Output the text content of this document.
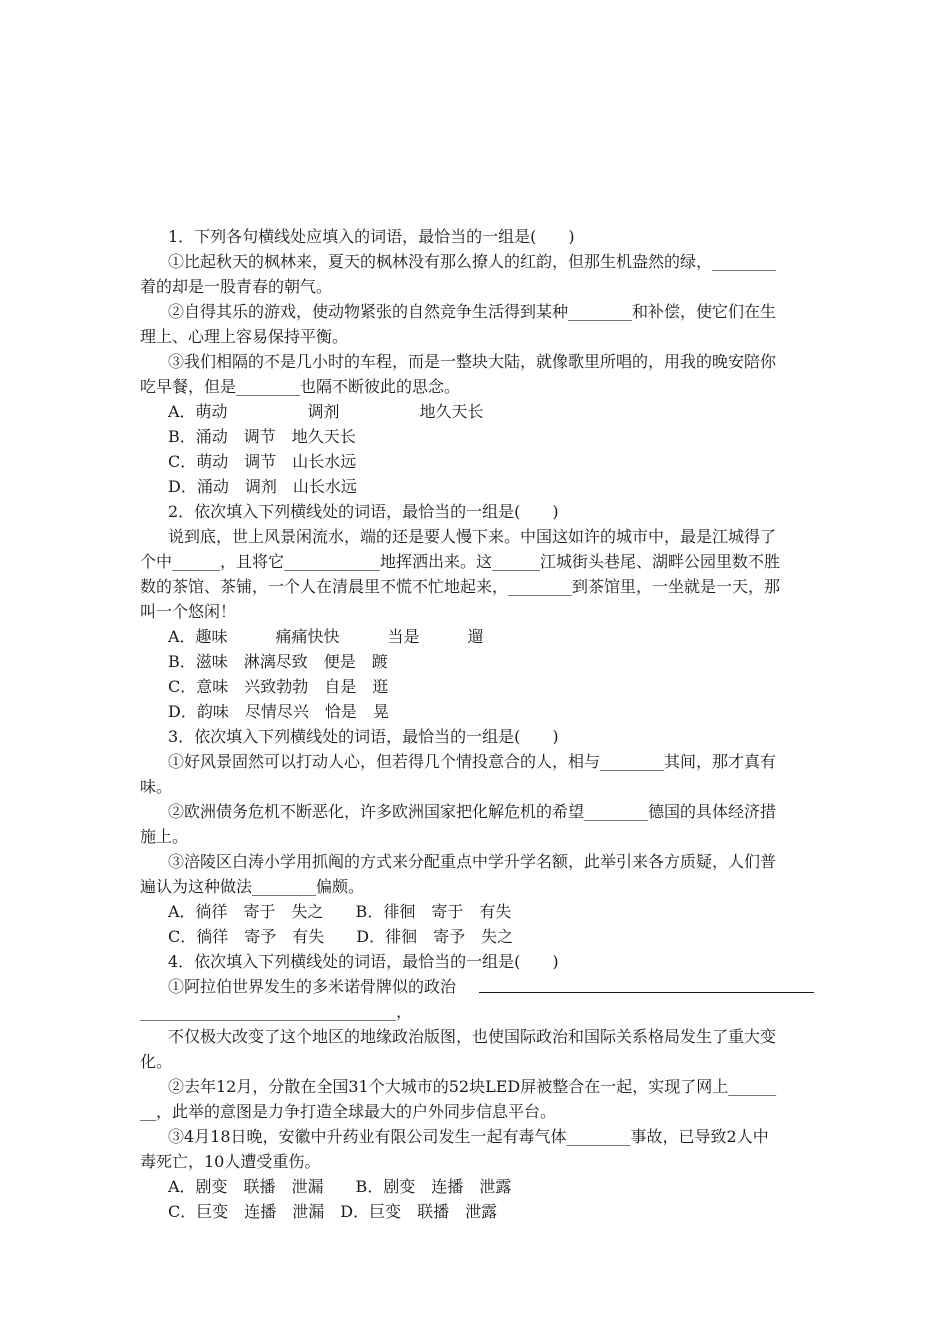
1．下列各句横线处应填入的词语，最恰当的一组是(　　)
①比起秋天的枫林来，夏天的枫林没有那么撩人的红韵，但那生机盎然的绿，________
着的却是一股青春的朝气。
②自得其乐的游戏，使动物紧张的自然竞争生活得到某种________和补偿，使它们在生
理上、心理上容易保持平衡。
③我们相隔的不是几小时的车程，而是一整块大陆，就像歌里所唱的，用我的晚安陪你
吃早餐，但是________也隔不断彼此的思念。
A．萌动　　　　　调剂　　　　　地久天长
B．涌动　调节　地久天长
C．萌动　调节　山长水远
D．涌动　调剂　山长水远
2．依次填入下列横线处的词语，最恰当的一组是(　　)
说到底，世上风景闲流水，端的还是要人慢下来。中国这如许的城市中，最是江城得了
个中______，且将它____________地挥洒出来。这______江城街头巷尾、湖畔公园里数不胜
数的茶馆、茶铺，一个人在清晨里不慌不忙地起来，________到茶馆里，一坐就是一天，那
叫一个悠闲！
A．趣味　　　痛痛快快　　　当是　　　遛
B．滋味　淋漓尽致　便是　踱
C．意味　兴致勃勃　自是　逛
D．韵味　尽情尽兴　恰是　晃
3．依次填入下列横线处的词语，最恰当的一组是(　　)
①好风景固然可以打动人心，但若得几个情投意合的人，相与________其间，那才真有
味。
②欧洲债务危机不断恶化，许多欧洲国家把化解危机的希望________德国的具体经济措
施上。
③涪陵区白涛小学用抓阄的方式来分配重点中学升学名额，此举引来各方质疑，人们普
遍认为这种做法________偏颇。
A．徜徉　寄于　失之　　B．徘徊　寄于　有失
C．徜徉　寄予　有失　　D．徘徊　寄予　失之
4．依次填入下列横线处的词语，最恰当的一组是(　　)
①阿拉伯世界发生的多米诺骨牌似的政治
________________________________，
不仅极大改变了这个地区的地缘政治版图，也使国际政治和国际关系格局发生了重大变
化。
②去年12月，分散在全国31个大城市的52块LED屏被整合在一起，实现了网上______
__，此举的意图是力争打造全球最大的户外同步信息平台。
③4月18日晚，安徽中升药业有限公司发生一起有毒气体________事故，已导致2人中
毒死亡，10人遭受重伤。
A．剧变　联播　泄漏　　B．剧变　连播　泄露
C．巨变　连播　泄漏　D．巨变　联播　泄露
